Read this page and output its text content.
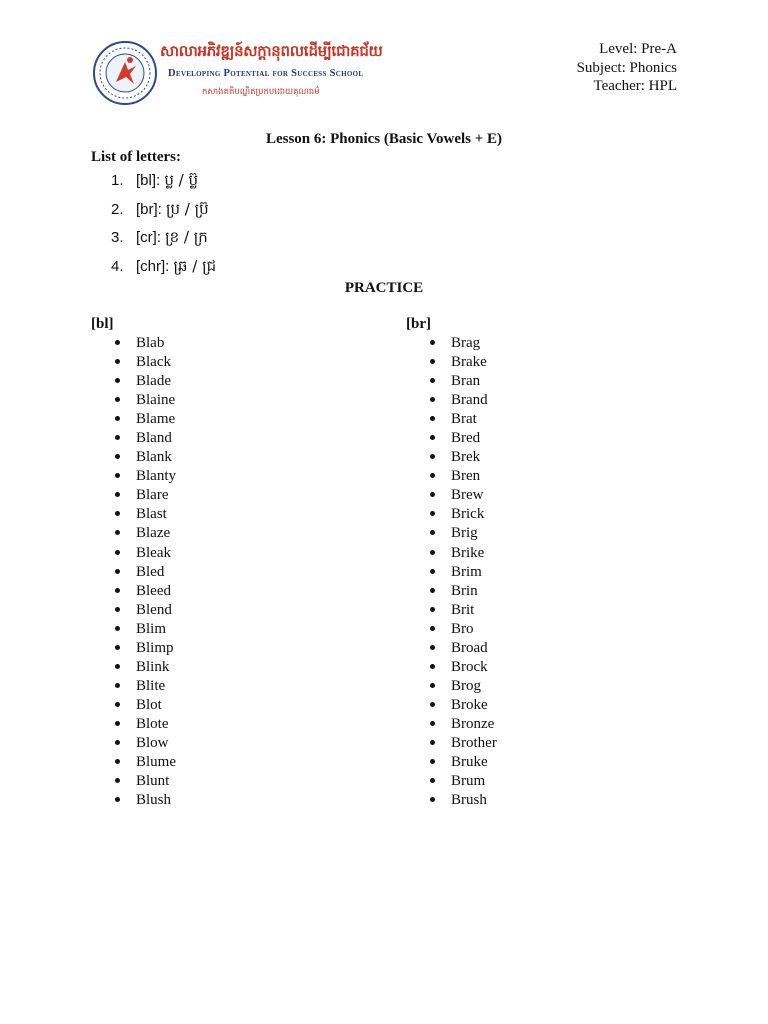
សាលាអភិវឌ្ឍន៍សក្តានុពលដើម្បីជោគជ័យ
Developing Potential for Success School
កសាងគតិបណ្ឌិតប្រកបដោយគុណធម៌
Level: Pre-A
Subject: Phonics
Teacher: HPL
Lesson 6: Phonics (Basic Vowels + E)
List of letters:
1. [bl]: ប្ល / ប៊្ល
2. [br]: ប្រ / ប៊្រ
3. [cr]: ខ្រ / ក្រ
4. [chr]: ឆ្រ / ជ្រ
PRACTICE
[bl]
Blab
Black
Blade
Blaine
Blame
Bland
Blank
Blanty
Blare
Blast
Blaze
Bleak
Bled
Bleed
Blend
Blim
Blimp
Blink
Blite
Blot
Blote
Blow
Blume
Blunt
Blush
[br]
Brag
Brake
Bran
Brand
Brat
Bred
Brek
Bren
Brew
Brick
Brig
Brike
Brim
Brin
Brit
Bro
Broad
Brock
Brog
Broke
Bronze
Brother
Bruke
Brum
Brush
